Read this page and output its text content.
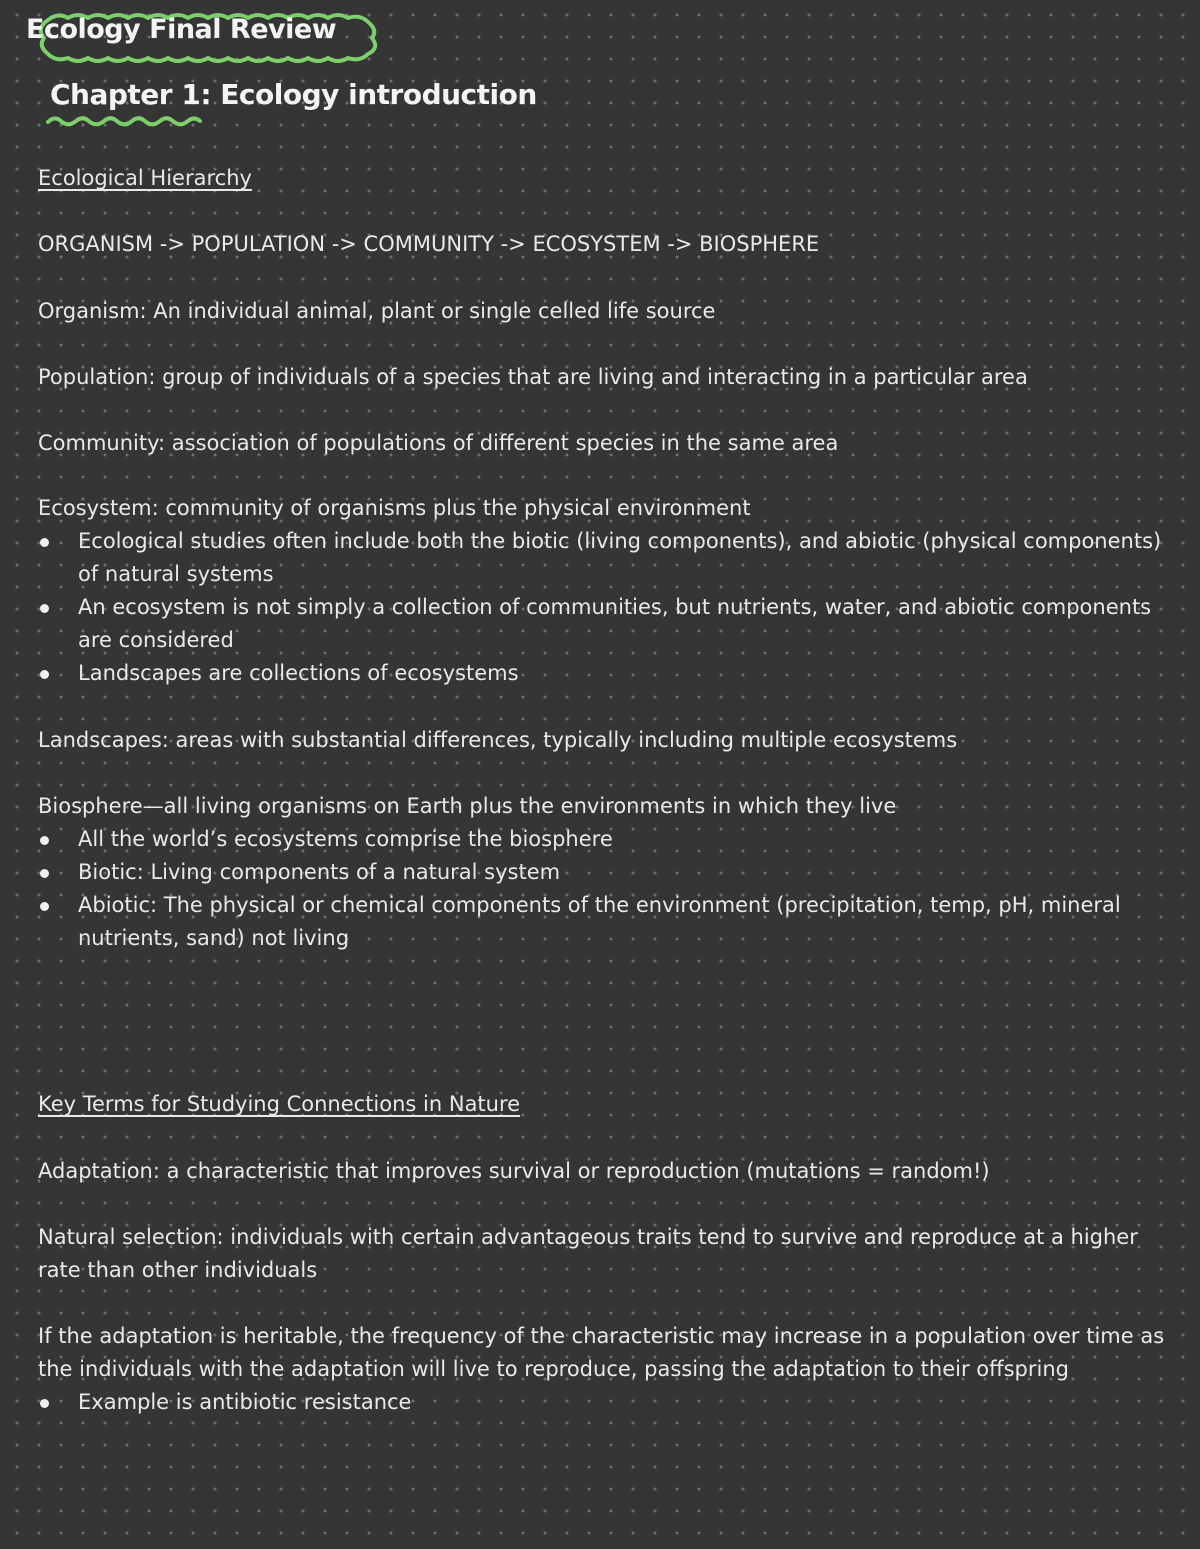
Ecology Final Review
Chapter 1: Ecology introduction
Ecological Hierarchy
ORGANISM -> POPULATION -> COMMUNITY -> ECOSYSTEM -> BIOSPHERE
Organism: An individual animal, plant or single celled life source
Population: group of individuals of a species that are living and interacting in a particular area
Community: association of populations of different species in the same area
Ecosystem: community of organisms plus the physical environment
Ecological studies often include both the biotic (living components), and abiotic (physical components) of natural systems
An ecosystem is not simply a collection of communities, but nutrients, water, and abiotic components are considered
Landscapes are collections of ecosystems
Landscapes: areas with substantial differences, typically including multiple ecosystems
Biosphere—all living organisms on Earth plus the environments in which they live
All the world’s ecosystems comprise the biosphere
Biotic: Living components of a natural system
Abiotic: The physical or chemical components of the environment (precipitation, temp, pH, mineral nutrients, sand) not living
Key Terms for Studying Connections in Nature
Adaptation: a characteristic that improves survival or reproduction (mutations = random!)
Natural selection: individuals with certain advantageous traits tend to survive and reproduce at a higher rate than other individuals
If the adaptation is heritable, the frequency of the characteristic may increase in a population over time as the individuals with the adaptation will live to reproduce, passing the adaptation to their offspring
Example is antibiotic resistance
